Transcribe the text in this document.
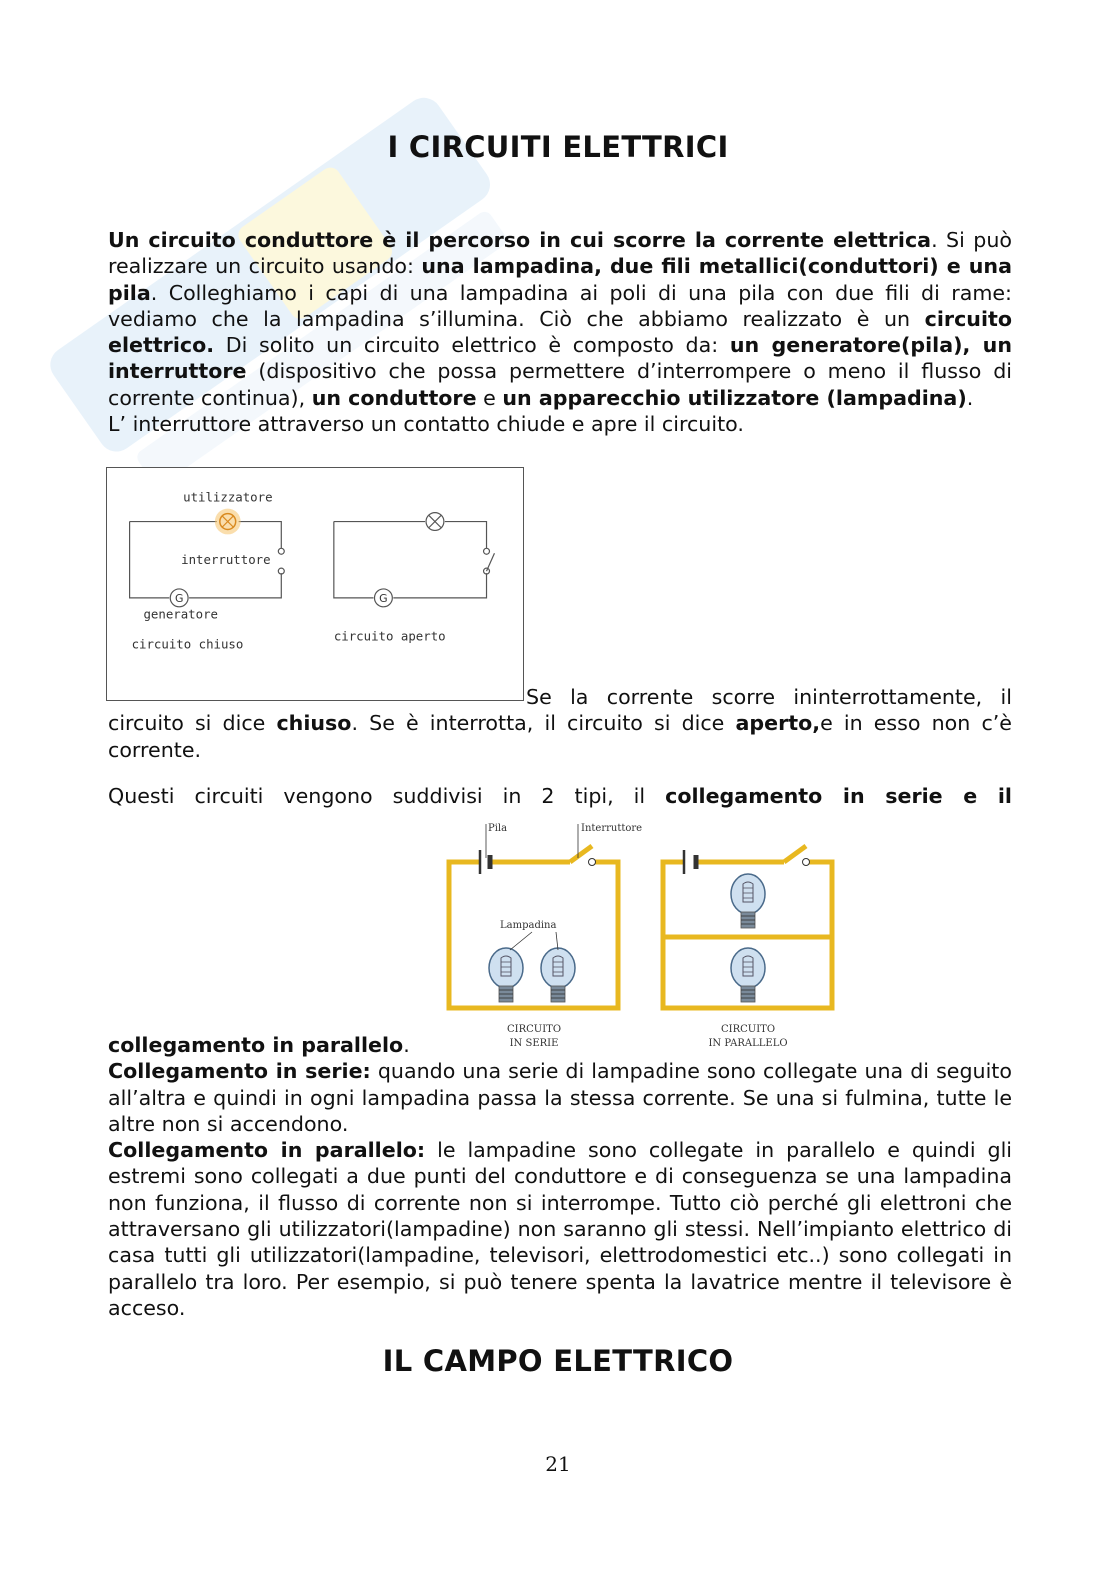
I CIRCUITI ELETTRICI

Un circuito conduttore è il percorso in cui scorre la corrente elettrica. Si può realizzare un circuito usando: una lampadina, due fili metallici(conduttori) e una pila. Colleghiamo i capi di una lampadina ai poli di una pila con due fili di rame: vediamo che la lampadina s’illumina. Ciò che abbiamo realizzato è un circuito elettrico. Di solito un circuito elettrico è composto da: un generatore(pila), un interruttore (dispositivo che possa permettere d’interrompere o meno il flusso di corrente continua), un conduttore e un apparecchio utilizzatore (lampadina).
L’ interruttore attraverso un contatto chiude e apre il circuito.

G
utilizzatore
interruttore
generatore
circuito chiuso
G
circuito aperto

Se la corrente scorre ininterrottamente, il circuito si dice chiuso. Se è interrotta, il circuito si dice aperto,e in esso non c’è corrente.

Questi circuiti vengono suddivisi in 2 tipi, il collegamento in serie e il

Pila	Interruttore
Lampadina
CIRCUITO
IN SERIE
CIRCUITO
IN PARALLELO

collegamento in parallelo.
Collegamento in serie: quando una serie di lampadine sono collegate una di seguito all’altra e quindi in ogni lampadina passa la stessa corrente. Se una si fulmina, tutte le altre non si accendono.
Collegamento in parallelo: le lampadine sono collegate in parallelo e quindi gli estremi sono collegati a due punti del conduttore e di conseguenza se una lampadina non funziona, il flusso di corrente non si interrompe. Tutto ciò perché gli elettroni che attraversano gli utilizzatori(lampadine) non saranno gli stessi. Nell’impianto elettrico di casa tutti gli utilizzatori(lampadine, televisori, elettrodomestici etc..) sono collegati in parallelo tra loro. Per esempio, si può tenere spenta la lavatrice mentre il televisore è acceso.

IL CAMPO ELETTRICO
21
